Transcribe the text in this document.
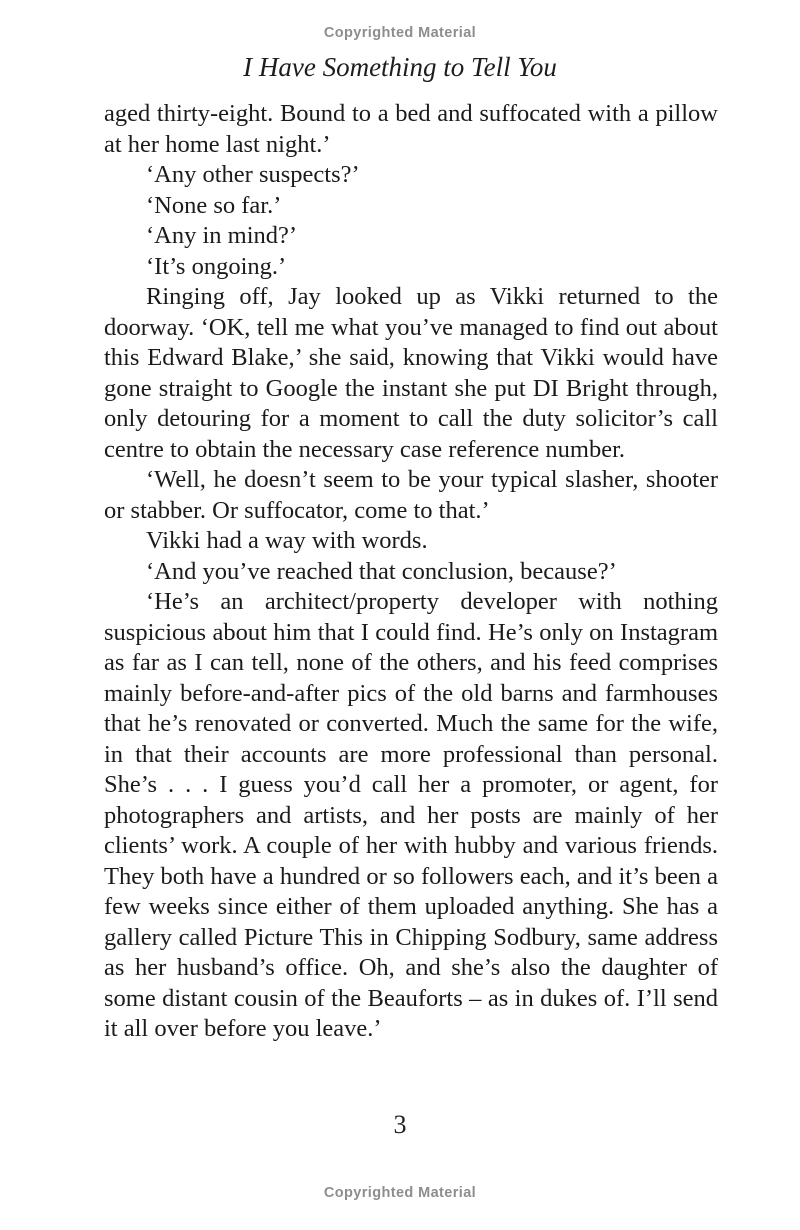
Copyrighted Material
I Have Something to Tell You

aged thirty-eight. Bound to a bed and suffocated with a pillow at her home last night.’

‘Any other suspects?’

‘None so far.’

‘Any in mind?’

‘It’s ongoing.’

Ringing off, Jay looked up as Vikki returned to the doorway. ‘OK, tell me what you’ve managed to find out about this Edward Blake,’ she said, knowing that Vikki would have gone straight to Google the instant she put DI Bright through, only detouring for a moment to call the duty solicitor’s call centre to obtain the necessary case reference number.

‘Well, he doesn’t seem to be your typical slasher, shooter or stabber. Or suffocator, come to that.’

Vikki had a way with words.

‘And you’ve reached that conclusion, because?’

‘He’s an architect/property developer with nothing suspicious about him that I could find. He’s only on Instagram as far as I can tell, none of the others, and his feed comprises mainly before-and-after pics of the old barns and farmhouses that he’s renovated or converted. Much the same for the wife, in that their accounts are more professional than personal. She’s . . . I guess you’d call her a promoter, or agent, for photographers and artists, and her posts are mainly of her clients’ work. A couple of her with hubby and various friends. They both have a hundred or so followers each, and it’s been a few weeks since either of them uploaded anything. She has a gallery called Picture This in Chipping Sodbury, same address as her husband’s office. Oh, and she’s also the daughter of some distant cousin of the Beauforts – as in dukes of. I’ll send it all over before you leave.’

3
Copyrighted Material
